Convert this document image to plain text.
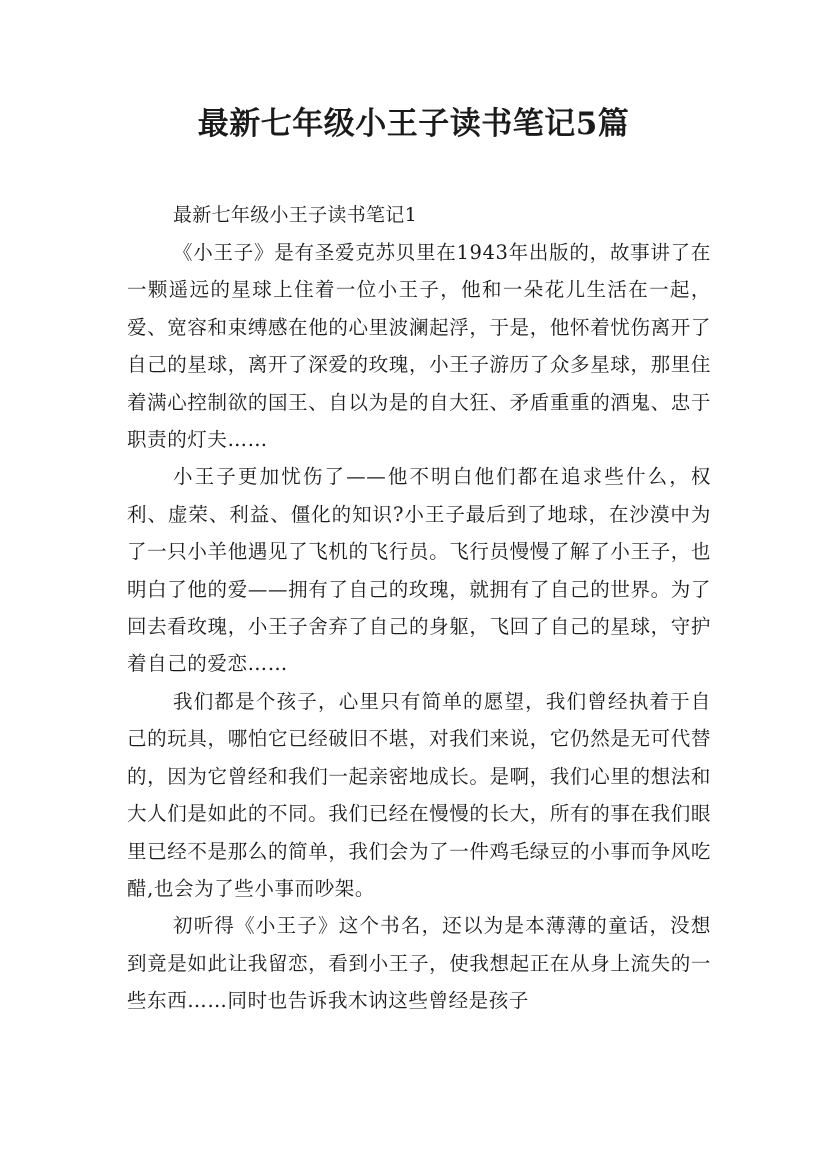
最新七年级小王子读书笔记5篇

最新七年级小王子读书笔记1

《小王子》是有圣爱克苏贝里在1943年出版的，故事讲了在一颗遥远的星球上住着一位小王子，他和一朵花儿生活在一起，爱、宽容和束缚感在他的心里波澜起浮，于是，他怀着忧伤离开了自己的星球，离开了深爱的玫瑰，小王子游历了众多星球，那里住着满心控制欲的国王、自以为是的自大狂、矛盾重重的酒鬼、忠于职责的灯夫……

小王子更加忧伤了——他不明白他们都在追求些什么，权利、虚荣、利益、僵化的知识?小王子最后到了地球，在沙漠中为了一只小羊他遇见了飞机的飞行员。飞行员慢慢了解了小王子，也明白了他的爱——拥有了自己的玫瑰，就拥有了自己的世界。为了回去看玫瑰，小王子舍弃了自己的身躯，飞回了自己的星球，守护着自己的爱恋……

我们都是个孩子，心里只有简单的愿望，我们曾经执着于自己的玩具，哪怕它已经破旧不堪，对我们来说，它仍然是无可代替的，因为它曾经和我们一起亲密地成长。是啊，我们心里的想法和大人们是如此的不同。我们已经在慢慢的长大，所有的事在我们眼里已经不是那么的简单，我们会为了一件鸡毛绿豆的小事而争风吃醋,也会为了些小事而吵架。

初听得《小王子》这个书名，还以为是本薄薄的童话，没想到竟是如此让我留恋，看到小王子，使我想起正在从身上流失的一些东西……同时也告诉我木讷这些曾经是孩子
